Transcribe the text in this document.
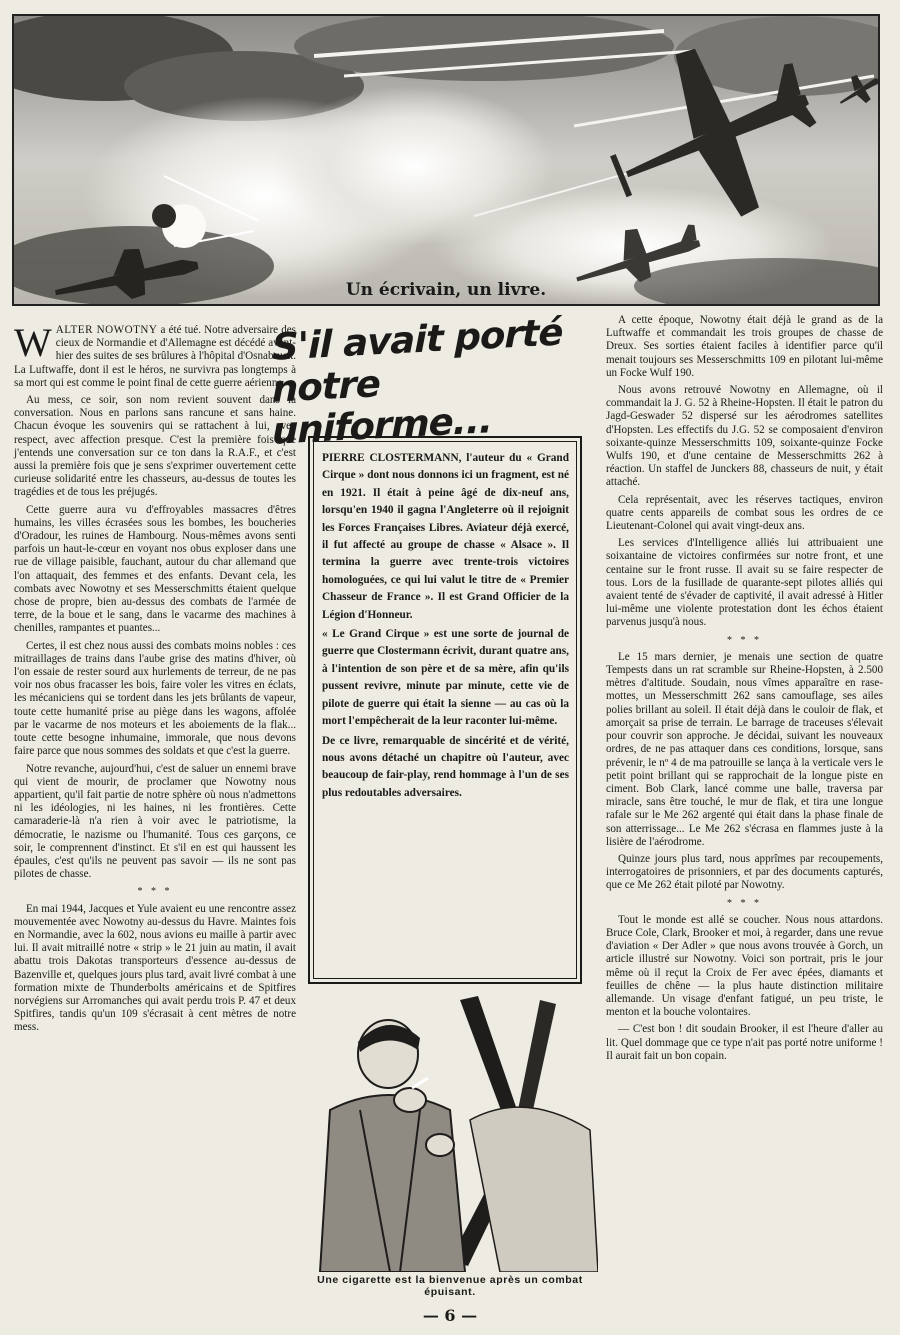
Un écrivain, un livre.

WALTER NOWOTNY a été tué. Notre adversaire des cieux de Normandie et d'Allemagne est décédé avant-hier des suites de ses brûlures à l'hôpital d'Osnabruck. La Luftwaffe, dont il est le héros, ne survivra pas longtemps à sa mort qui est comme le point final de cette guerre aérienne.

Au mess, ce soir, son nom revient souvent dans la conversation. Nous en parlons sans rancune et sans haine. Chacun évoque les souvenirs qui se rattachent à lui, avec respect, avec affection presque. C'est la première fois que j'entends une conversation sur ce ton dans la R.A.F., et c'est aussi la première fois que je sens s'exprimer ouvertement cette curieuse solidarité entre les chasseurs, au-dessus de toutes les tragédies et de tous les préjugés.

Cette guerre aura vu d'effroyables massacres d'êtres humains, les villes écrasées sous les bombes, les boucheries d'Oradour, les ruines de Hambourg. Nous-mêmes avons senti parfois un haut-le-cœur en voyant nos obus exploser dans une rue de village paisible, fauchant, autour du char allemand que l'on attaquait, des femmes et des enfants. Devant cela, les combats avec Nowotny et ses Messerschmitts étaient quelque chose de propre, bien au-dessus des combats de l'armée de terre, de la boue et le sang, dans le vacarme des machines à chenilles, rampantes et puantes...

Certes, il est chez nous aussi des combats moins nobles : ces mitraillages de trains dans l'aube grise des matins d'hiver, où l'on essaie de rester sourd aux hurlements de terreur, de ne pas voir nos obus fracasser les bois, faire voler les vitres en éclats, les mécaniciens qui se tordent dans les jets brûlants de vapeur, toute cette humanité prise au piège dans les wagons, affolée par le vacarme de nos moteurs et les aboiements de la flak... toute cette besogne inhumaine, immorale, que nous devons faire parce que nous sommes des soldats et que c'est la guerre.

Notre revanche, aujourd'hui, c'est de saluer un ennemi brave qui vient de mourir, de proclamer que Nowotny nous appartient, qu'il fait partie de notre sphère où nous n'admettons ni les idéologies, ni les haines, ni les frontières. Cette camaraderie-là n'a rien à voir avec le patriotisme, la démocratie, le nazisme ou l'humanité. Tous ces garçons, ce soir, le comprennent d'instinct. Et s'il en est qui haussent les épaules, c'est qu'ils ne peuvent pas savoir — ils ne sont pas pilotes de chasse.

* * *

En mai 1944, Jacques et Yule avaient eu une rencontre assez mouvementée avec Nowotny au-dessus du Havre. Maintes fois en Normandie, avec la 602, nous avions eu maille à partir avec lui. Il avait mitraillé notre « strip » le 21 juin au matin, il avait abattu trois Dakotas transporteurs d'essence au-dessus de Bazenville et, quelques jours plus tard, avait livré combat à une formation mixte de Thunderbolts américains et de Spitfires norvégiens sur Arromanches qui avait perdu trois P. 47 et deux Spitfires, tandis qu'un 109 s'écrasait à cent mètres de notre mess.

S'il avait porté
notre uniforme...

PIERRE CLOSTERMANN, l'auteur du « Grand Cirque » dont nous donnons ici un fragment, est né en 1921. Il était à peine âgé de dix-neuf ans, lorsqu'en 1940 il gagna l'Angleterre où il rejoignit les Forces Françaises Libres. Aviateur déjà exercé, il fut affecté au groupe de chasse « Alsace ». Il termina la guerre avec trente-trois victoires homologuées, ce qui lui valut le titre de « Premier Chasseur de France ». Il est Grand Officier de la Légion d'Honneur.

« Le Grand Cirque » est une sorte de journal de guerre que Clostermann écrivit, durant quatre ans, à l'intention de son père et de sa mère, afin qu'ils pussent revivre, minute par minute, cette vie de pilote de guerre qui était la sienne — au cas où la mort l'empêcherait de la leur raconter lui-même.

De ce livre, remarquable de sincérité et de vérité, nous avons détaché un chapitre où l'auteur, avec beaucoup de fair-play, rend hommage à l'un de ses plus redoutables adversaires.

Une cigarette est la bienvenue après un combat épuisant.

A cette époque, Nowotny était déjà le grand as de la Luftwaffe et commandait les trois groupes de chasse de Dreux. Ses sorties étaient faciles à identifier parce qu'il menait toujours ses Messerschmitts 109 en pilotant lui-même un Focke Wulf 190.

Nous avons retrouvé Nowotny en Allemagne, où il commandait la J. G. 52 à Rheine-Hopsten. Il était le patron du Jagd-Geswader 52 dispersé sur les aérodromes satellites d'Hopsten. Les effectifs du J.G. 52 se composaient d'environ soixante-quinze Messerschmitts 109, soixante-quinze Focke Wulfs 190, et d'une centaine de Messerschmitts 262 à réaction. Un staffel de Junckers 88, chasseurs de nuit, y était attaché.

Cela représentait, avec les réserves tactiques, environ quatre cents appareils de combat sous les ordres de ce Lieutenant-Colonel qui avait vingt-deux ans.

Les services d'Intelligence alliés lui attribuaient une soixantaine de victoires confirmées sur notre front, et une centaine sur le front russe. Il avait su se faire respecter de tous. Lors de la fusillade de quarante-sept pilotes alliés qui avaient tenté de s'évader de captivité, il avait adressé à Hitler lui-même une violente protestation dont les échos étaient parvenus jusqu'à nous.

* * *

Le 15 mars dernier, je menais une section de quatre Tempests dans un rat scramble sur Rheine-Hopsten, à 2.500 mètres d'altitude. Soudain, nous vîmes apparaître en rase-mottes, un Messerschmitt 262 sans camouflage, ses ailes polies brillant au soleil. Il était déjà dans le couloir de flak, et amorçait sa prise de terrain. Le barrage de traceuses s'élevait pour couvrir son approche. Je décidai, suivant les nouveaux ordres, de ne pas attaquer dans ces conditions, lorsque, sans prévenir, le nº 4 de ma patrouille se lança à la verticale vers le petit point brillant qui se rapprochait de la longue piste en ciment. Bob Clark, lancé comme une balle, traversa par miracle, sans être touché, le mur de flak, et tira une longue rafale sur le Me 262 argenté qui était dans la phase finale de son atterrissage... Le Me 262 s'écrasa en flammes juste à la lisière de l'aérodrome.

Quinze jours plus tard, nous apprîmes par recoupements, interrogatoires de prisonniers, et par des documents capturés, que ce Me 262 était piloté par Nowotny.

* * *

Tout le monde est allé se coucher. Nous nous attardons. Bruce Cole, Clark, Brooker et moi, à regarder, dans une revue d'aviation « Der Adler » que nous avons trouvée à Gorch, un article illustré sur Nowotny. Voici son portrait, pris le jour même où il reçut la Croix de Fer avec épées, diamants et feuilles de chêne — la plus haute distinction militaire allemande. Un visage d'enfant fatigué, un peu triste, le menton et la bouche volontaires.

— C'est bon ! dit soudain Brooker, il est l'heure d'aller au lit. Quel dommage que ce type n'ait pas porté notre uniforme ! Il aurait fait un bon copain.

— 6 —
